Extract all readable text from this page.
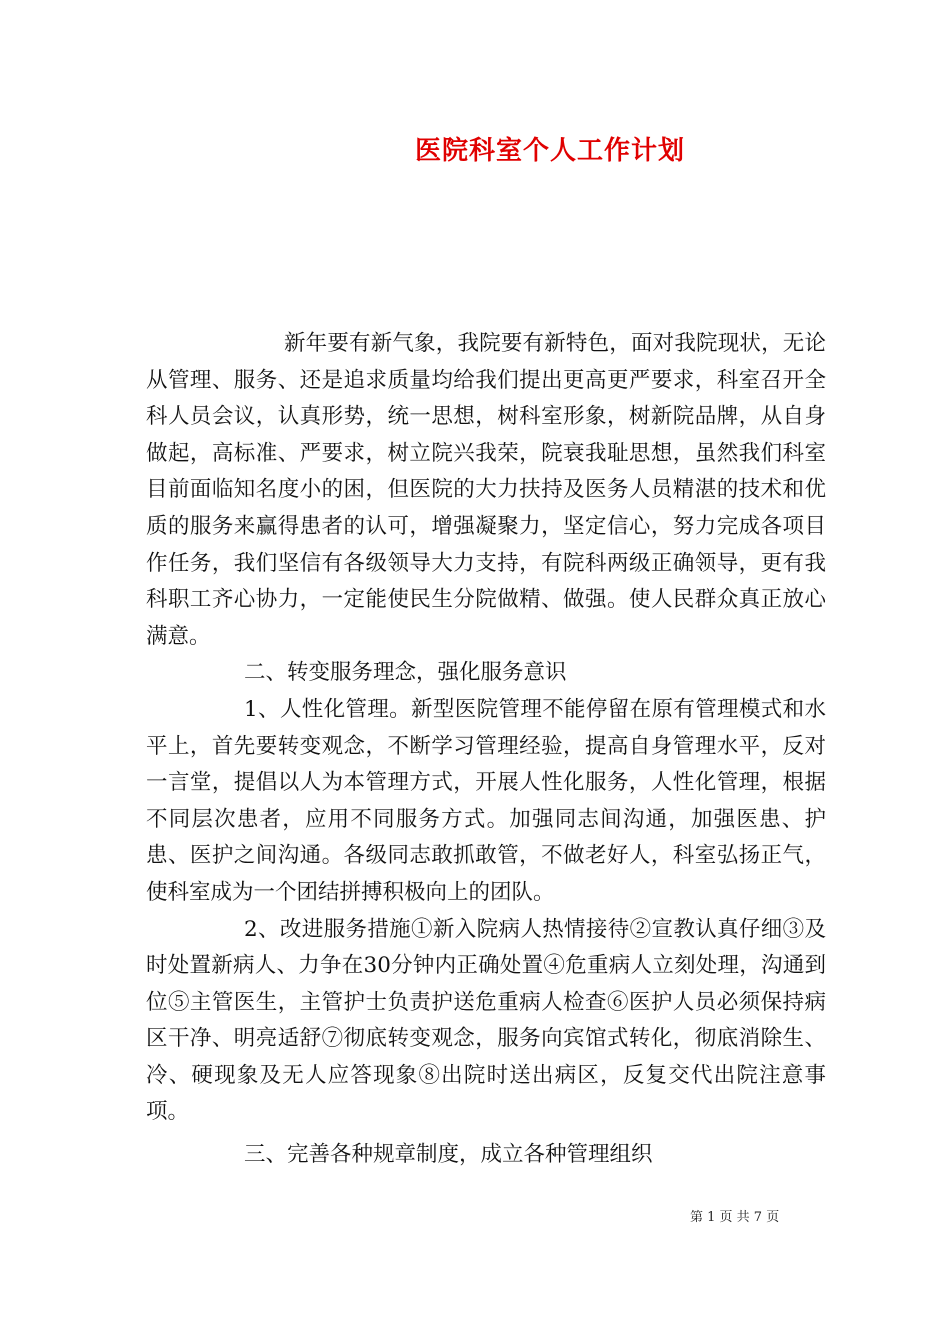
医院科室个人工作计划

新年要有新气象，我院要有新特色，面对我院现状，无论从管理、服务、还是追求质量均给我们提出更高更严要求，科室召开全科人员会议，认真形势，统一思想，树科室形象，树新院品牌，从自身做起，高标准、严要求，树立院兴我荣，院衰我耻思想，虽然我们科室目前面临知名度小的困，但医院的大力扶持及医务人员精湛的技术和优质的服务来赢得患者的认可，增强凝聚力，坚定信心，努力完成各项目作任务，我们坚信有各级领导大力支持，有院科两级正确领导，更有我科职工齐心协力，一定能使民生分院做精、做强。使人民群众真正放心满意。

二、转变服务理念，强化服务意识

1、人性化管理。新型医院管理不能停留在原有管理模式和水平上，首先要转变观念，不断学习管理经验，提高自身管理水平，反对一言堂，提倡以人为本管理方式，开展人性化服务，人性化管理，根据不同层次患者，应用不同服务方式。加强同志间沟通，加强医患、护患、医护之间沟通。各级同志敢抓敢管，不做老好人，科室弘扬正气，使科室成为一个团结拼搏积极向上的团队。

2、改进服务措施①新入院病人热情接待②宣教认真仔细③及时处置新病人、力争在30分钟内正确处置④危重病人立刻处理，沟通到位⑤主管医生，主管护士负责护送危重病人检查⑥医护人员必须保持病区干净、明亮适舒⑦彻底转变观念，服务向宾馆式转化，彻底消除生、冷、硬现象及无人应答现象⑧出院时送出病区，反复交代出院注意事项。

三、完善各种规章制度，成立各种管理组织

第 1 页 共 7 页
